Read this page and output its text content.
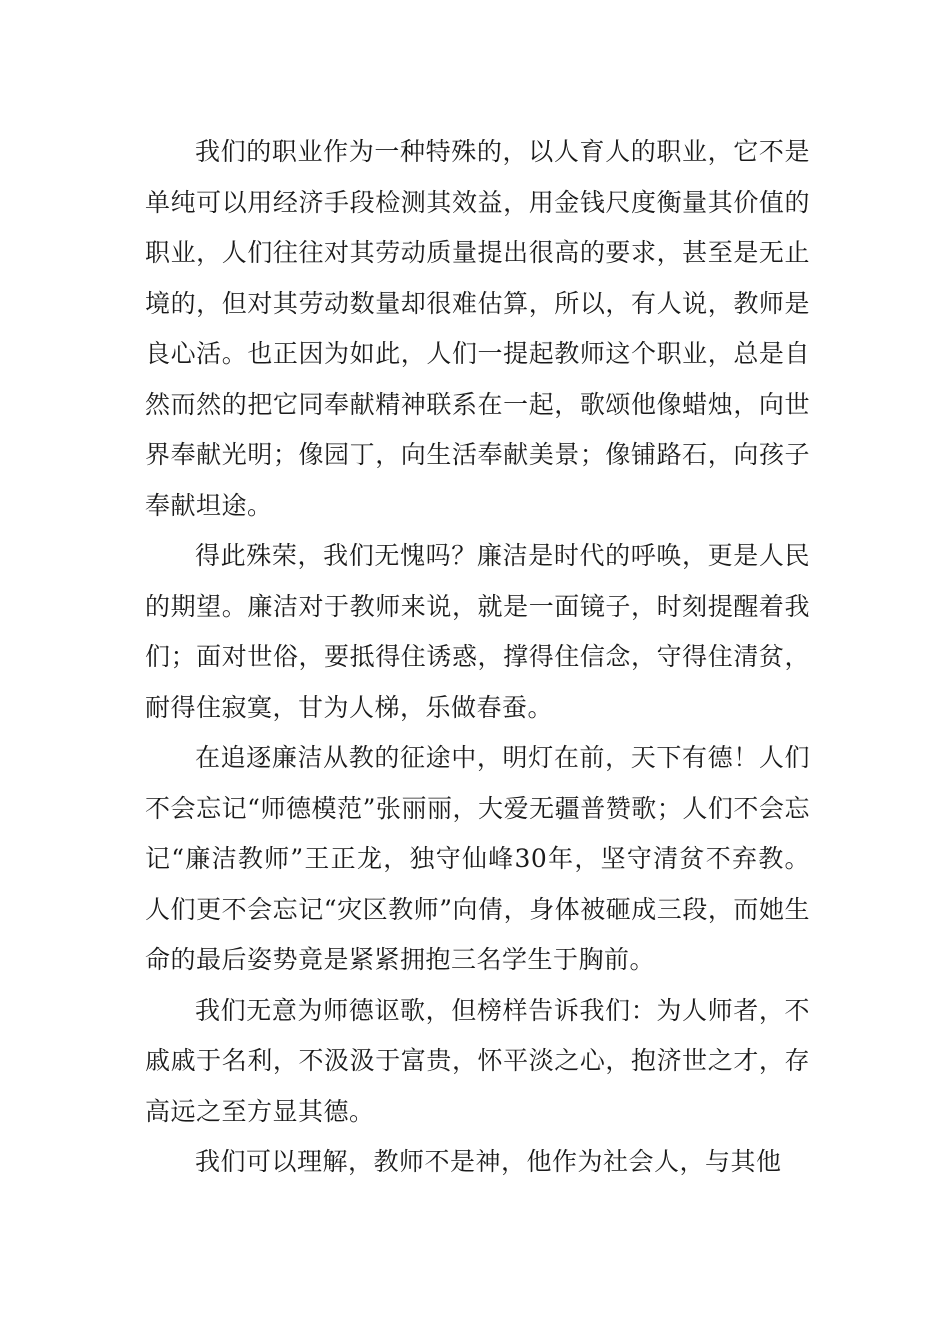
我们的职业作为一种特殊的，以人育人的职业，它不是单纯可以用经济手段检测其效益，用金钱尺度衡量其价值的职业，人们往往对其劳动质量提出很高的要求，甚至是无止境的，但对其劳动数量却很难估算，所以，有人说，教师是良心活。也正因为如此，人们一提起教师这个职业，总是自然而然的把它同奉献精神联系在一起，歌颂他像蜡烛，向世界奉献光明；像园丁，向生活奉献美景；像铺路石，向孩子奉献坦途。

得此殊荣，我们无愧吗？廉洁是时代的呼唤，更是人民的期望。廉洁对于教师来说，就是一面镜子，时刻提醒着我们；面对世俗，要抵得住诱惑，撑得住信念，守得住清贫，耐得住寂寞，甘为人梯，乐做春蚕。

在追逐廉洁从教的征途中，明灯在前，天下有德！人们不会忘记“师德模范”张丽丽，大爱无疆普赞歌；人们不会忘记“廉洁教师”王正龙，独守仙峰30年，坚守清贫不弃教。人们更不会忘记“灾区教师”向倩，身体被砸成三段，而她生命的最后姿势竟是紧紧拥抱三名学生于胸前。

我们无意为师德讴歌，但榜样告诉我们：为人师者，不戚戚于名利，不汲汲于富贵，怀平淡之心，抱济世之才，存高远之至方显其德。

我们可以理解，教师不是神，他作为社会人，与其他
